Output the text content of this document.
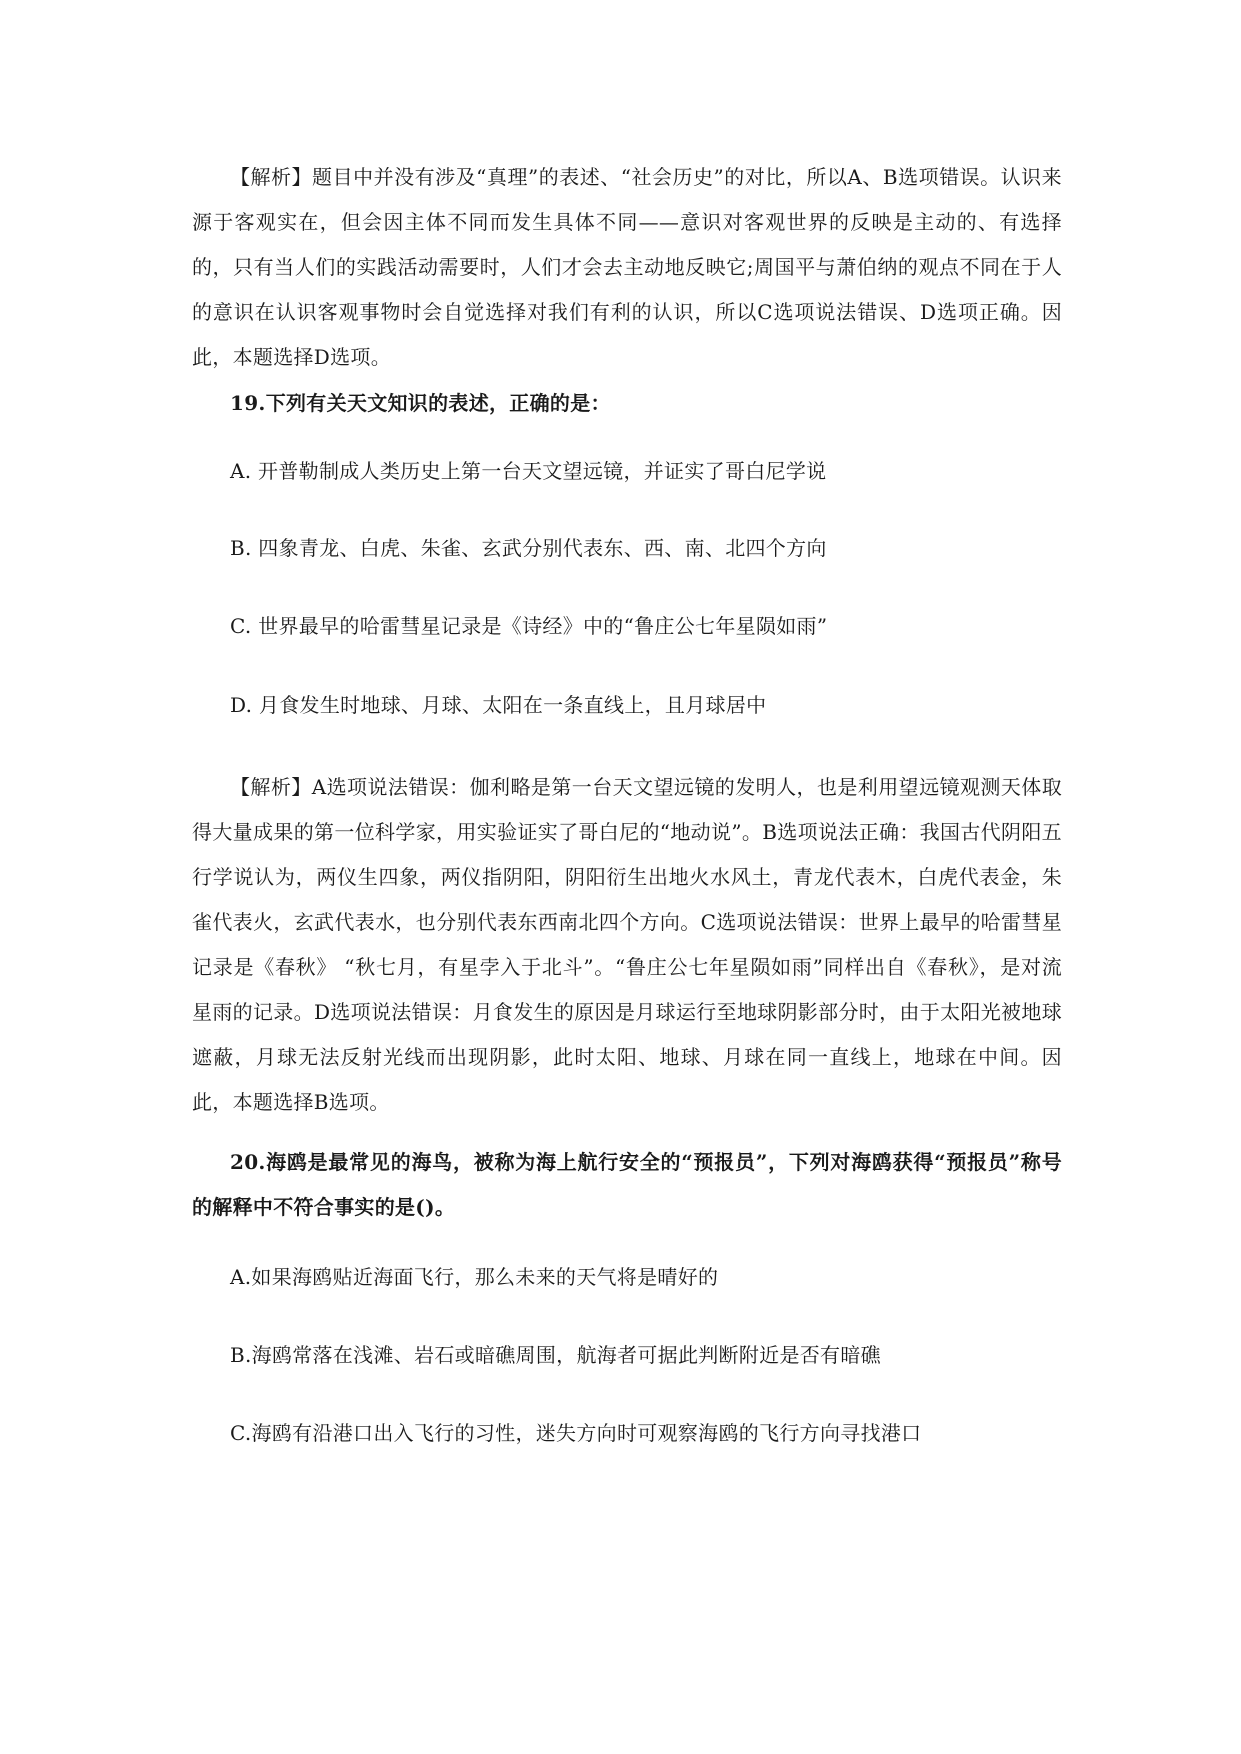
【解析】题目中并没有涉及“真理”的表述、“社会历史”的对比，所以A、B选项错误。认识来源于客观实在，但会因主体不同而发生具体不同——意识对客观世界的反映是主动的、有选择的，只有当人们的实践活动需要时，人们才会去主动地反映它;周国平与萧伯纳的观点不同在于人的意识在认识客观事物时会自觉选择对我们有利的认识，所以C选项说法错误、D选项正确。因此，本题选择D选项。

19.下列有关天文知识的表述，正确的是：

A. 开普勒制成人类历史上第一台天文望远镜，并证实了哥白尼学说

B. 四象青龙、白虎、朱雀、玄武分别代表东、西、南、北四个方向

C. 世界最早的哈雷彗星记录是《诗经》中的“鲁庄公七年星陨如雨”

D. 月食发生时地球、月球、太阳在一条直线上，且月球居中

【解析】A选项说法错误：伽利略是第一台天文望远镜的发明人，也是利用望远镜观测天体取得大量成果的第一位科学家，用实验证实了哥白尼的“地动说”。B选项说法正确：我国古代阴阳五行学说认为，两仪生四象，两仪指阴阳，阴阳衍生出地火水风土，青龙代表木，白虎代表金，朱雀代表火，玄武代表水，也分别代表东西南北四个方向。C选项说法错误：世界上最早的哈雷彗星记录是《春秋》 “秋七月，有星孛入于北斗”。“鲁庄公七年星陨如雨”同样出自《春秋》，是对流星雨的记录。D选项说法错误：月食发生的原因是月球运行至地球阴影部分时，由于太阳光被地球遮蔽，月球无法反射光线而出现阴影，此时太阳、地球、月球在同一直线上，地球在中间。因此，本题选择B选项。

20.海鸥是最常见的海鸟，被称为海上航行安全的“预报员”，下列对海鸥获得“预报员”称号的解释中不符合事实的是()。

A.如果海鸥贴近海面飞行，那么未来的天气将是晴好的

B.海鸥常落在浅滩、岩石或暗礁周围，航海者可据此判断附近是否有暗礁

C.海鸥有沿港口出入飞行的习性，迷失方向时可观察海鸥的飞行方向寻找港口
